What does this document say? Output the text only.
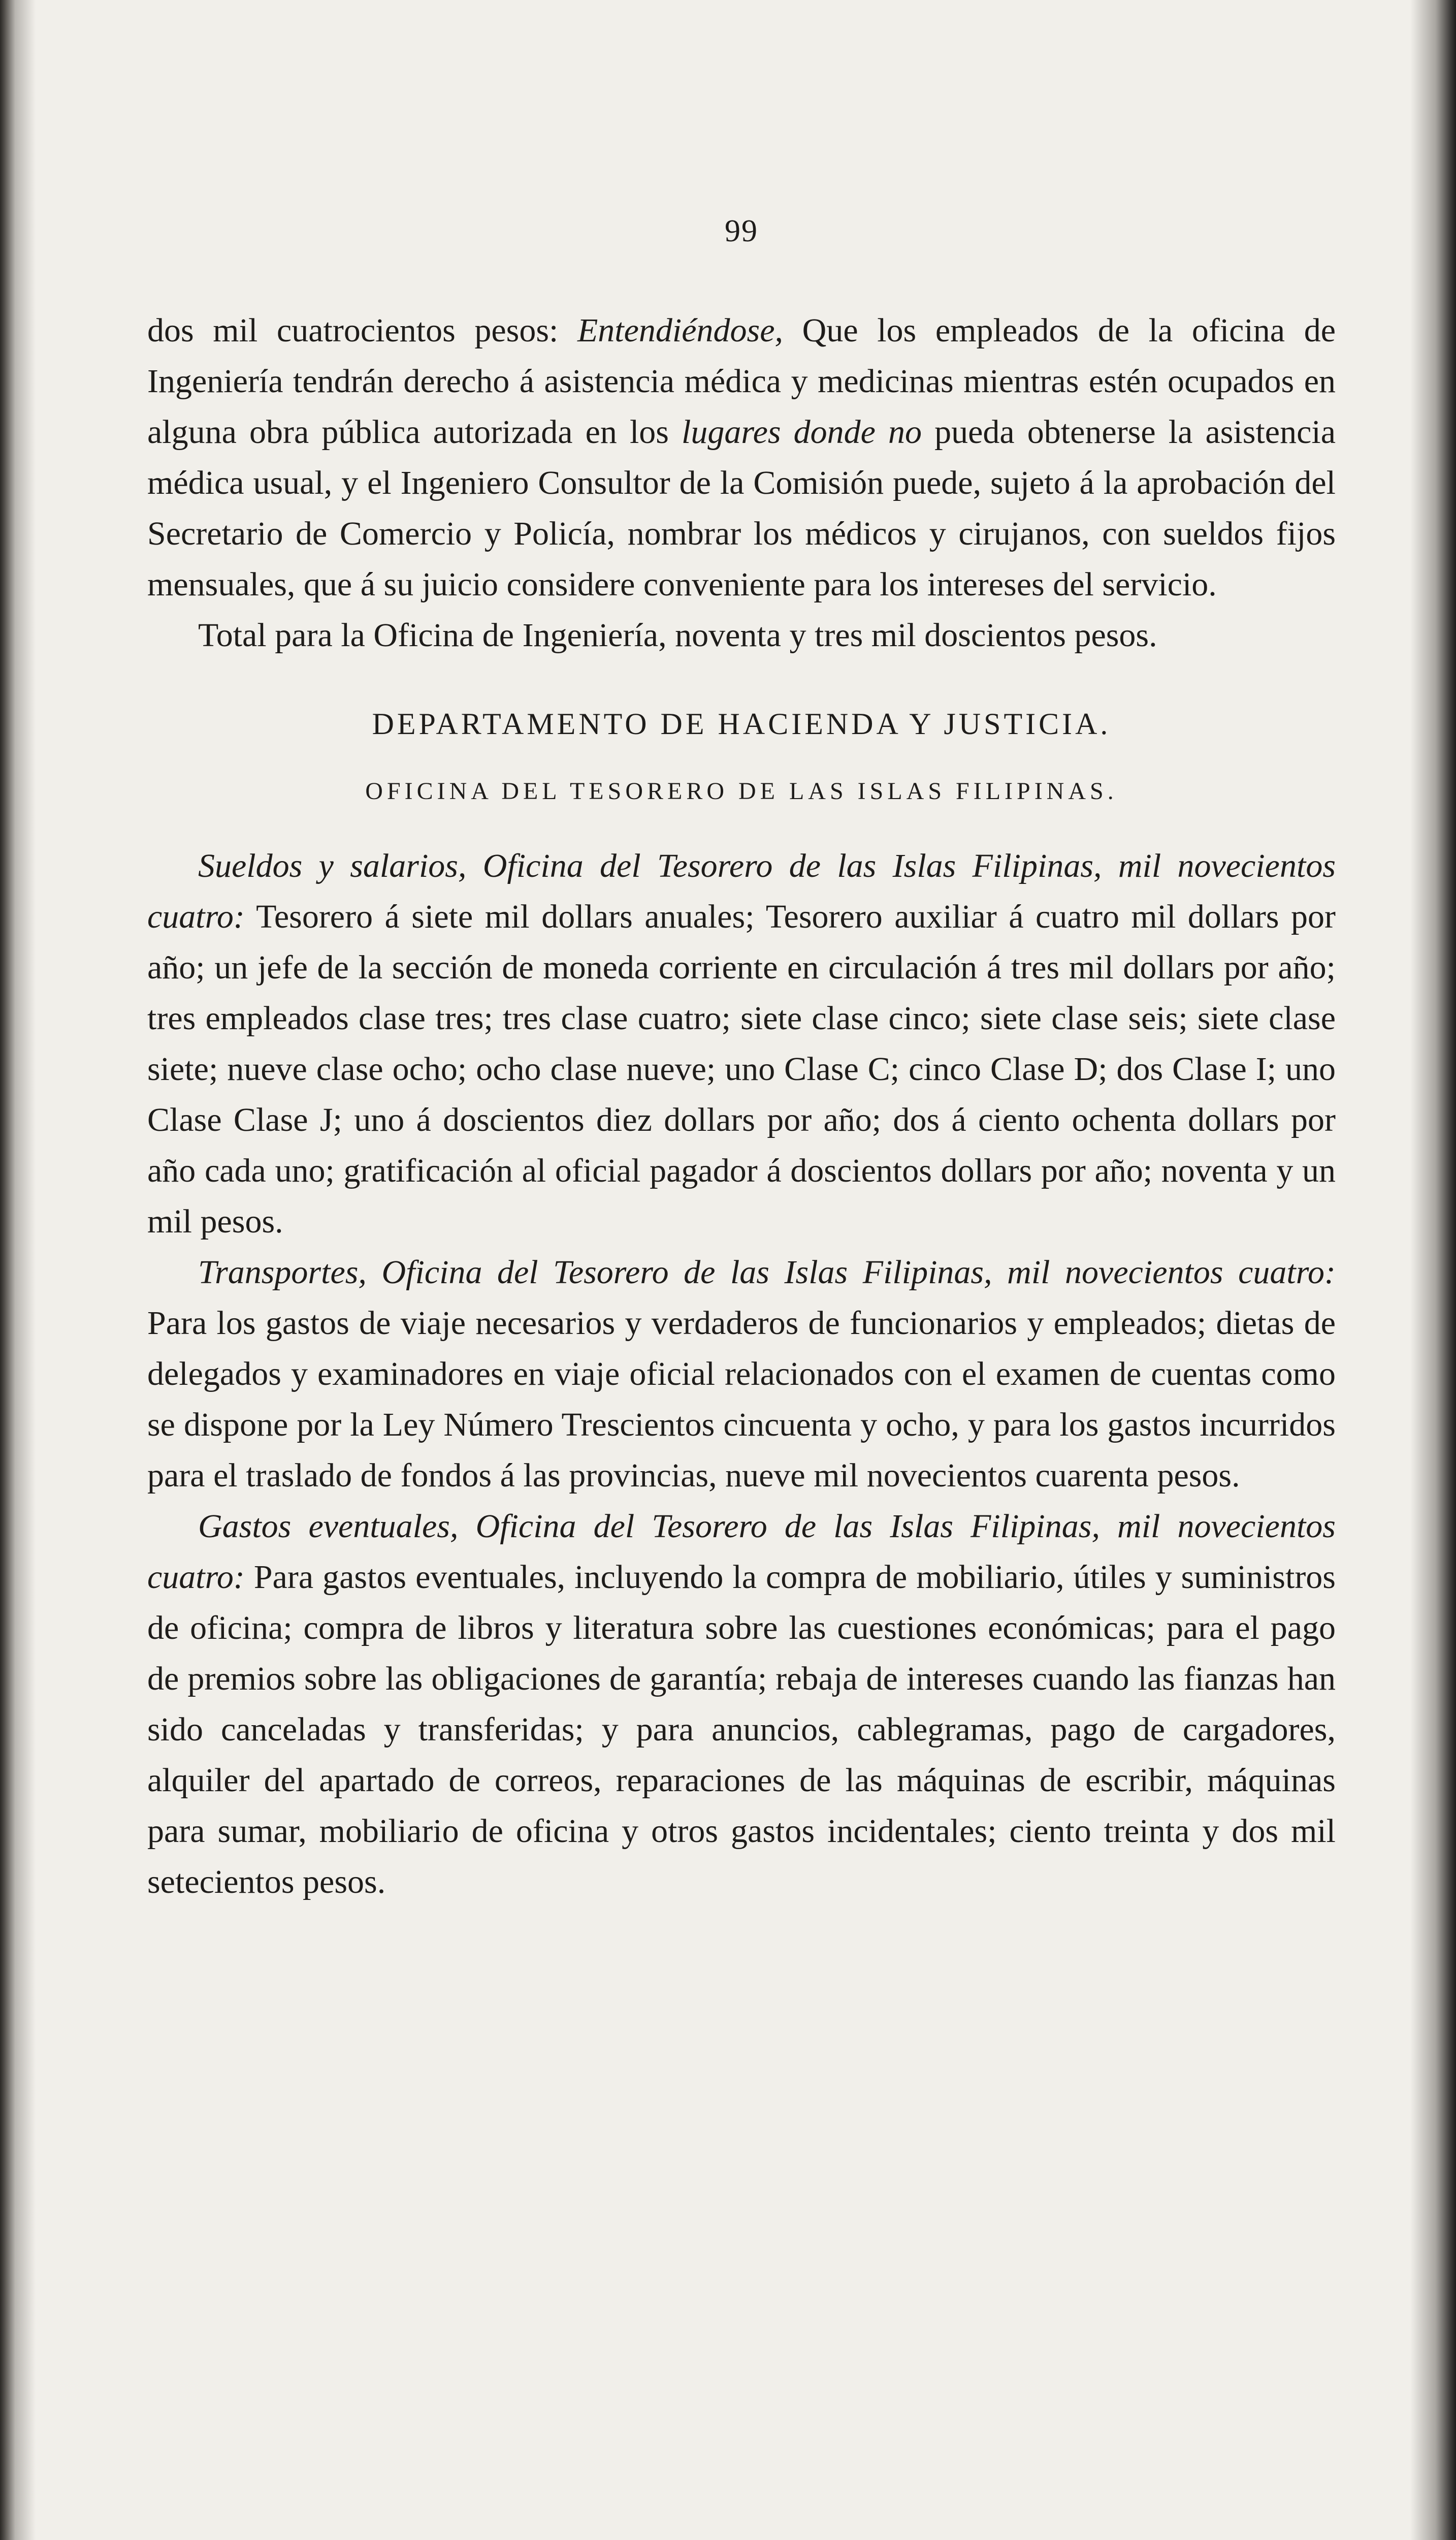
99

dos mil cuatrocientos pesos: Entendiéndose, Que los empleados de la oficina de Ingeniería tendrán derecho á asistencia médica y medicinas mientras estén ocupados en alguna obra pública autorizada en los lugares donde no pueda obtenerse la asistencia médica usual, y el Ingeniero Consultor de la Comisión puede, sujeto á la aprobación del Secretario de Comercio y Policía, nombrar los médicos y cirujanos, con sueldos fijos mensuales, que á su juicio considere conveniente para los intereses del servicio.

Total para la Oficina de Ingeniería, noventa y tres mil doscientos pesos.

DEPARTAMENTO DE HACIENDA Y JUSTICIA.
OFICINA DEL TESORERO DE LAS ISLAS FILIPINAS.

Sueldos y salarios, Oficina del Tesorero de las Islas Filipinas, mil novecientos cuatro: Tesorero á siete mil dollars anuales; Tesorero auxiliar á cuatro mil dollars por año; un jefe de la sección de moneda corriente en circulación á tres mil dollars por año; tres empleados clase tres; tres clase cuatro; siete clase cinco; siete clase seis; siete clase siete; nueve clase ocho; ocho clase nueve; uno Clase C; cinco Clase D; dos Clase I; uno Clase Clase J; uno á doscientos diez dollars por año; dos á ciento ochenta dollars por año cada uno; gratificación al oficial pagador á doscientos dollars por año; noventa y un mil pesos.

Transportes, Oficina del Tesorero de las Islas Filipinas, mil novecientos cuatro: Para los gastos de viaje necesarios y verdaderos de funcionarios y empleados; dietas de delegados y examinadores en viaje oficial relacionados con el examen de cuentas como se dispone por la Ley Número Trescientos cincuenta y ocho, y para los gastos incurridos para el traslado de fondos á las provincias, nueve mil novecientos cuarenta pesos.

Gastos eventuales, Oficina del Tesorero de las Islas Filipinas, mil novecientos cuatro: Para gastos eventuales, incluyendo la compra de mobiliario, útiles y suministros de oficina; compra de libros y literatura sobre las cuestiones económicas; para el pago de premios sobre las obligaciones de garantía; rebaja de intereses cuando las fianzas han sido canceladas y transferidas; y para anuncios, cablegramas, pago de cargadores, alquiler del apartado de correos, reparaciones de las máquinas de escribir, máquinas para sumar, mobiliario de oficina y otros gastos incidentales; ciento treinta y dos mil setecientos pesos.
